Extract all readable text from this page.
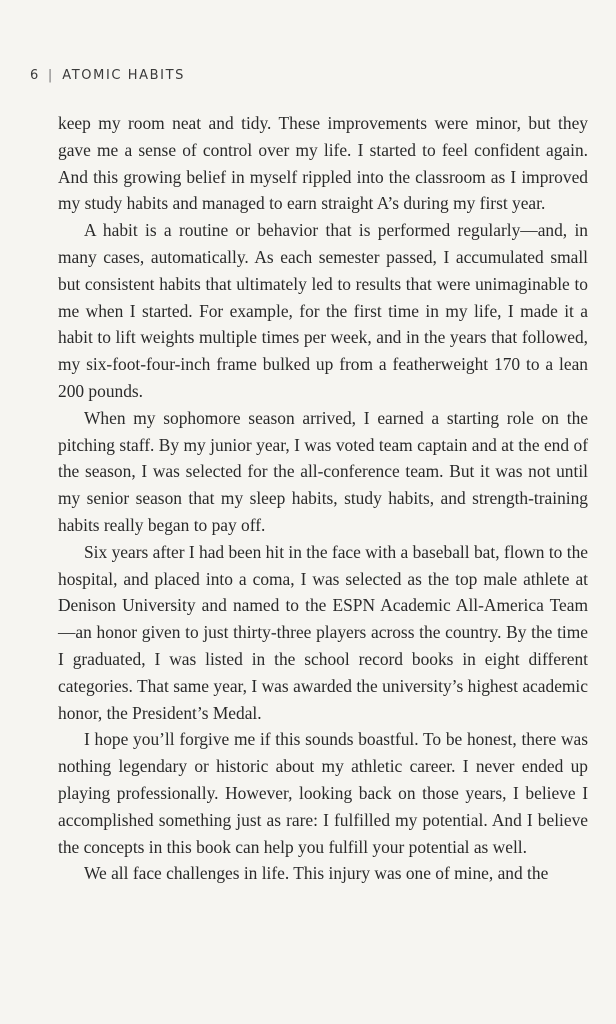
6 | ATOMIC HABITS

keep my room neat and tidy. These improvements were minor, but they gave me a sense of control over my life. I started to feel confident again. And this growing belief in myself rippled into the classroom as I improved my study habits and managed to earn straight A’s during my first year.

A habit is a routine or behavior that is performed regularly—and, in many cases, automatically. As each semester passed, I accumulated small but consistent habits that ultimately led to results that were unimaginable to me when I started. For example, for the first time in my life, I made it a habit to lift weights multiple times per week, and in the years that followed, my six-foot-four-inch frame bulked up from a featherweight 170 to a lean 200 pounds.

When my sophomore season arrived, I earned a starting role on the pitching staff. By my junior year, I was voted team captain and at the end of the season, I was selected for the all-conference team. But it was not until my senior season that my sleep habits, study habits, and strength-training habits really began to pay off.

Six years after I had been hit in the face with a baseball bat, flown to the hospital, and placed into a coma, I was selected as the top male athlete at Denison University and named to the ESPN Academic All-America Team—an honor given to just thirty-three players across the country. By the time I graduated, I was listed in the school record books in eight different categories. That same year, I was awarded the university’s highest academic honor, the President’s Medal.

I hope you’ll forgive me if this sounds boastful. To be honest, there was nothing legendary or historic about my athletic career. I never ended up playing professionally. However, looking back on those years, I believe I accomplished something just as rare: I fulfilled my potential. And I believe the concepts in this book can help you fulfill your potential as well.

We all face challenges in life. This injury was one of mine, and the
